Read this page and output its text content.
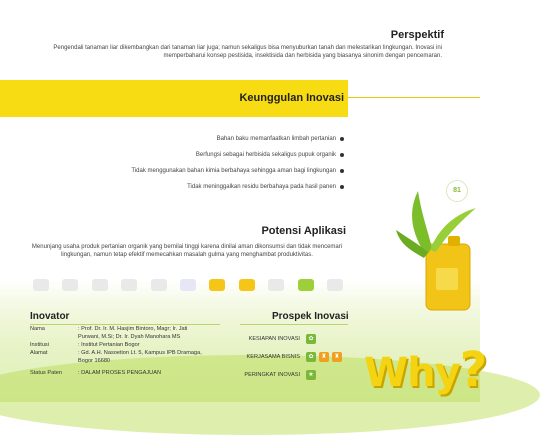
Perspektif
Pengendali tanaman liar dikembangkan dari tanaman liar juga; namun sekaligus bisa menyuburkan tanah dan melestarikan lingkungan. Inovasi ini memperbaharui konsep pestisida, insektisida dan herbisida yang biasanya sinonim dengan pencemaran.
Keunggulan Inovasi
Bahan baku memanfaatkan limbah pertanian
Berfungsi sebagai herbisida sekaligus pupuk organik
Tidak menggunakan bahan kimia berbahaya sehingga aman bagi lingkungan
Tidak meninggalkan residu berbahaya pada hasil panen	81
Potensi Aplikasi
Menunjang usaha produk pertanian organik yang bernilai tinggi karena dinilai aman dikonsumsi dan tidak mencemari lingkungan, namun tetap efektif memecahkan masalah gulma yang menghambat produktivitas.
Inovator
Nama	: Prof. Dr. Ir. M. Hasjim Bintoro, Magr; Ir. Jati
Purwani, M.Si; Dr. Ir. Dyah Manohara MS
Institusi	: Institut Pertanian Bogor
Alamat	: Gd. A.H. Nasoetion Lt. 5, Kampus IPB Dramaga,
Bogor 16680
Status Paten	: DALAM PROSES PENGAJUAN
Prospek Inovasi
KESIAPAN INOVASI	✿
KERJASAMA BISNIS	✿	♜	♜
PERINGKAT INOVASI	★ Why?
